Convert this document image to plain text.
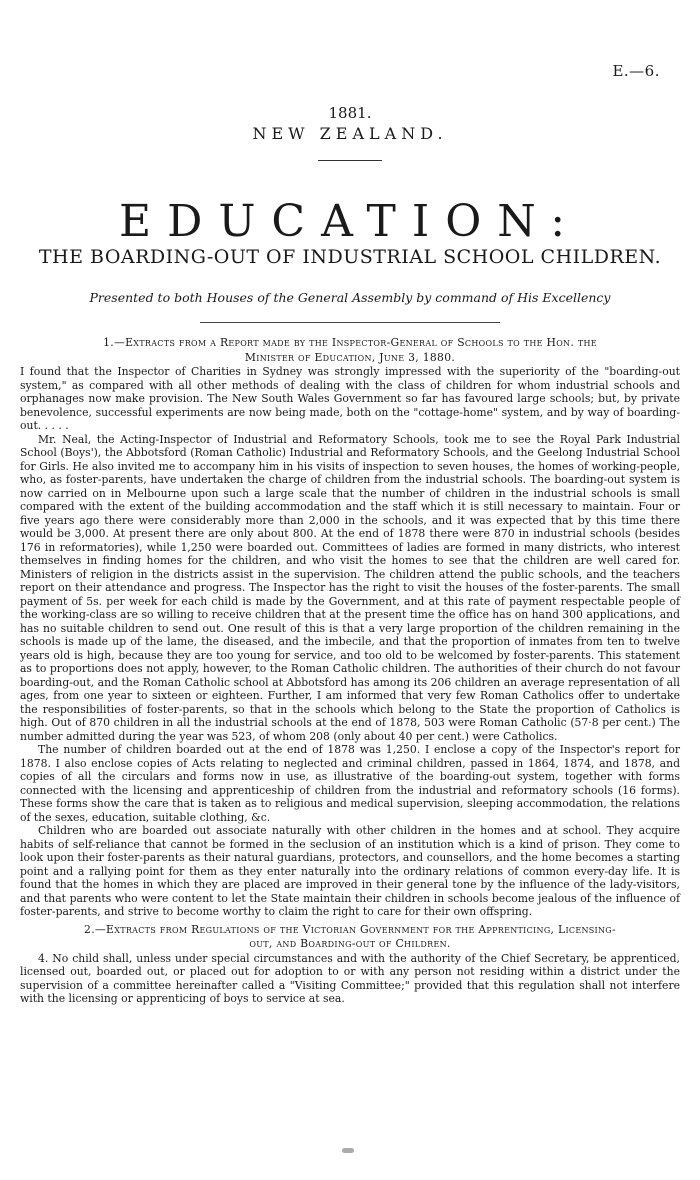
E.—6.
1881.
NEW ZEALAND.
EDUCATION:
THE BOARDING-OUT OF INDUSTRIAL SCHOOL CHILDREN.
Presented to both Houses of the General Assembly by command of His Excellency
1.—Extracts from a Report made by the Inspector-General of Schools to the Hon. the
Minister of Education, June 3, 1880.

I found that the Inspector of Charities in Sydney was strongly impressed with the superiority of the "boarding-out system," as compared with all other methods of dealing with the class of children for whom industrial schools and orphanages now make provision. The New South Wales Government so far has favoured large schools; but, by private benevolence, successful experiments are now being made, both on the "cottage-home" system, and by way of boarding-out. . . . .

Mr. Neal, the Acting-Inspector of Industrial and Reformatory Schools, took me to see the Royal Park Industrial School (Boys'), the Abbotsford (Roman Catholic) Industrial and Reformatory Schools, and the Geelong Industrial School for Girls. He also invited me to accompany him in his visits of inspection to seven houses, the homes of working-people, who, as foster-parents, have undertaken the charge of children from the industrial schools. The boarding-out system is now carried on in Melbourne upon such a large scale that the number of children in the industrial schools is small compared with the extent of the building accommodation and the staff which it is still necessary to maintain. Four or five years ago there were considerably more than 2,000 in the schools, and it was expected that by this time there would be 3,000. At present there are only about 800. At the end of 1878 there were 870 in industrial schools (besides 176 in reformatories), while 1,250 were boarded out. Committees of ladies are formed in many districts, who interest themselves in finding homes for the children, and who visit the homes to see that the children are well cared for. Ministers of religion in the districts assist in the supervision. The children attend the public schools, and the teachers report on their attendance and progress. The Inspector has the right to visit the houses of the foster-parents. The small payment of 5s. per week for each child is made by the Government, and at this rate of payment respectable people of the working-class are so willing to receive children that at the present time the office has on hand 300 applications, and has no suitable children to send out. One result of this is that a very large proportion of the children remaining in the schools is made up of the lame, the diseased, and the imbecile, and that the proportion of inmates from ten to twelve years old is high, because they are too young for service, and too old to be welcomed by foster-parents. This statement as to proportions does not apply, however, to the Roman Catholic children. The authorities of their church do not favour boarding-out, and the Roman Catholic school at Abbotsford has among its 206 children an average representation of all ages, from one year to sixteen or eighteen. Further, I am informed that very few Roman Catholics offer to undertake the responsibilities of foster-parents, so that in the schools which belong to the State the proportion of Catholics is high. Out of 870 children in all the industrial schools at the end of 1878, 503 were Roman Catholic (57·8 per cent.) The number admitted during the year was 523, of whom 208 (only about 40 per cent.) were Catholics.

The number of children boarded out at the end of 1878 was 1,250. I enclose a copy of the Inspector's report for 1878. I also enclose copies of Acts relating to neglected and criminal children, passed in 1864, 1874, and 1878, and copies of all the circulars and forms now in use, as illustrative of the boarding-out system, together with forms connected with the licensing and apprenticeship of children from the industrial and reformatory schools (16 forms). These forms show the care that is taken as to religious and medical supervision, sleeping accommodation, the relations of the sexes, education, suitable clothing, &c.

Children who are boarded out associate naturally with other children in the homes and at school. They acquire habits of self-reliance that cannot be formed in the seclusion of an institution which is a kind of prison. They come to look upon their foster-parents as their natural guardians, protectors, and counsellors, and the home becomes a starting point and a rallying point for them as they enter naturally into the ordinary relations of common every-day life. It is found that the homes in which they are placed are improved in their general tone by the influence of the lady-visitors, and that parents who were content to let the State maintain their children in schools become jealous of the influence of foster-parents, and strive to become worthy to claim the right to care for their own offspring.

2.—Extracts from Regulations of the Victorian Government for the Apprenticing, Licensing-
out, and Boarding-out of Children.

4. No child shall, unless under special circumstances and with the authority of the Chief Secretary, be apprenticed, licensed out, boarded out, or placed out for adoption to or with any person not residing within a district under the supervision of a committee hereinafter called a "Visiting Committee;" provided that this regulation shall not interfere with the licensing or apprenticing of boys to service at sea.
